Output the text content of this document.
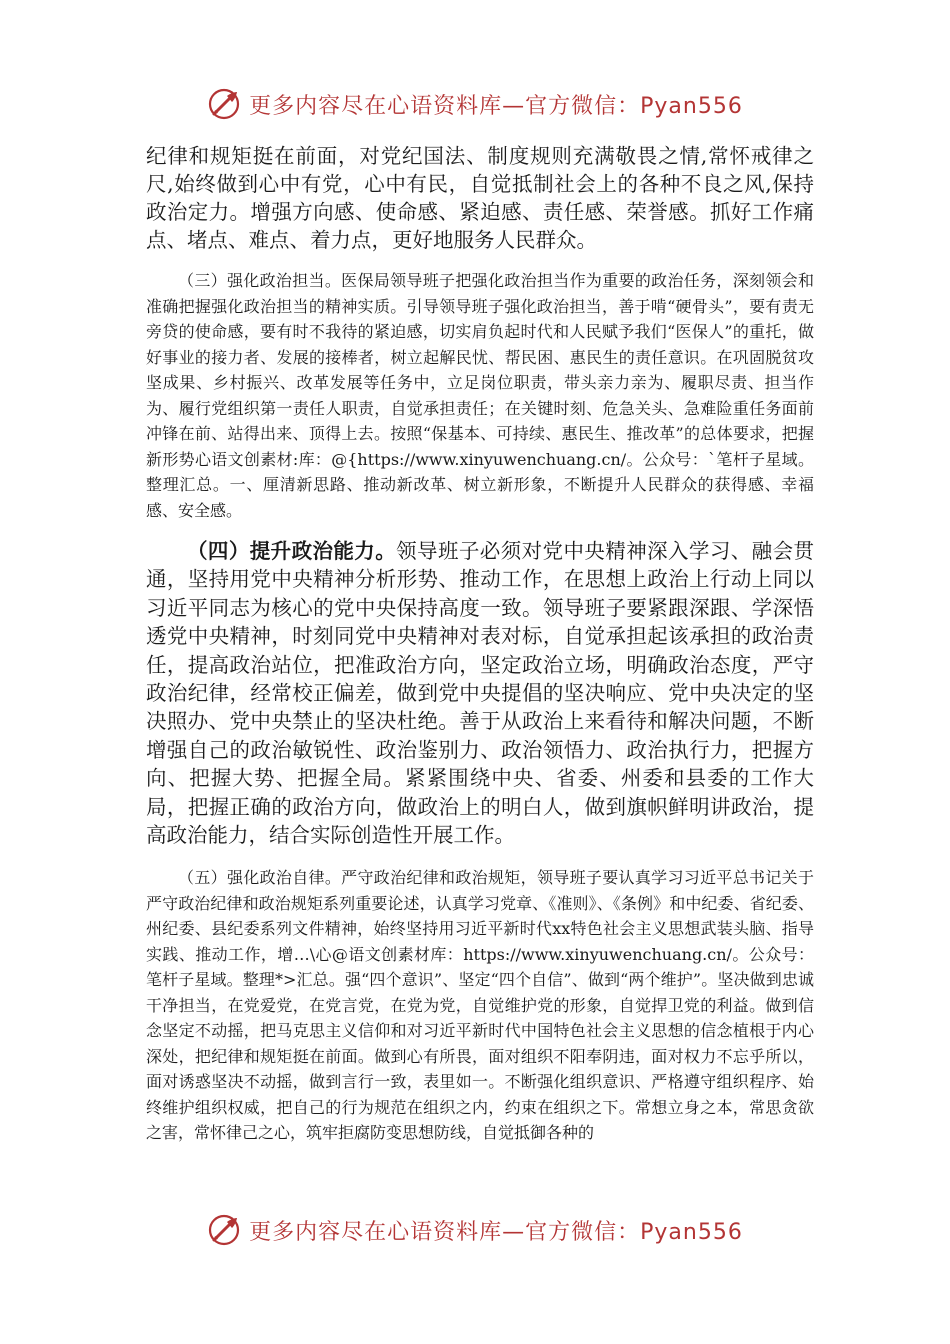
更多内容尽在心语资料库—官方微信：Pyan556

纪律和规矩挺在前面，对党纪国法、制度规则充满敬畏之情,常怀戒律之尺,始终做到心中有党，心中有民，自觉抵制社会上的各种不良之风,保持政治定力。增强方向感、使命感、紧迫感、责任感、荣誉感。抓好工作痛点、堵点、难点、着力点，更好地服务人民群众。

（三）强化政治担当。医保局领导班子把强化政治担当作为重要的政治任务，深刻领会和准确把握强化政治担当的精神实质。引导领导班子强化政治担当，善于啃“硬骨头”，要有责无旁贷的使命感，要有时不我待的紧迫感，切实肩负起时代和人民赋予我们“医保人”的重托，做好事业的接力者、发展的接棒者，树立起解民忧、帮民困、惠民生的责任意识。在巩固脱贫攻坚成果、乡村振兴、改革发展等任务中，立足岗位职责，带头亲力亲为、履职尽责、担当作为、履行党组织第一责任人职责，自觉承担责任；在关键时刻、危急关头、急难险重任务面前冲锋在前、站得出来、顶得上去。按照“保基本、可持续、惠民生、推改革”的总体要求，把握新形势心语文创素材:库：@{https://www.xinyuwenchuang.cn/。公众号：`笔杆子星域。整理汇总。一、厘清新思路、推动新改革、树立新形象，不断提升人民群众的获得感、幸福感、安全感。

（四）提升政治能力。领导班子必须对党中央精神深入学习、融会贯通，坚持用党中央精神分析形势、推动工作，在思想上政治上行动上同以习近平同志为核心的党中央保持高度一致。领导班子要紧跟深跟、学深悟透党中央精神，时刻同党中央精神对表对标，自觉承担起该承担的政治责任，提高政治站位，把准政治方向，坚定政治立场，明确政治态度，严守政治纪律，经常校正偏差，做到党中央提倡的坚决响应、党中央决定的坚决照办、党中央禁止的坚决杜绝。善于从政治上来看待和解决问题，不断增强自己的政治敏锐性、政治鉴别力、政治领悟力、政治执行力，把握方向、把握大势、把握全局。紧紧围绕中央、省委、州委和县委的工作大局，把握正确的政治方向，做政治上的明白人，做到旗帜鲜明讲政治，提高政治能力，结合实际创造性开展工作。

（五）强化政治自律。严守政治纪律和政治规矩，领导班子要认真学习习近平总书记关于严守政治纪律和政治规矩系列重要论述，认真学习党章、《准则》、《条例》和中纪委、省纪委、州纪委、县纪委系列文件精神，始终坚持用习近平新时代xx特色社会主义思想武装头脑、指导实践、推动工作，增…\心@语文创素材库：https://www.xinyuwenchuang.cn/。公众号：笔杆子星域。整理*>汇总。强“四个意识”、坚定“四个自信”、做到“两个维护”。坚决做到忠诚干净担当，在党爱党，在党言党，在党为党，自觉维护党的形象，自觉捍卫党的利益。做到信念坚定不动摇，把马克思主义信仰和对习近平新时代中国特色社会主义思想的信念植根于内心深处，把纪律和规矩挺在前面。做到心有所畏，面对组织不阳奉阴违，面对权力不忘乎所以，面对诱惑坚决不动摇，做到言行一致，表里如一。不断强化组织意识、严格遵守组织程序、始终维护组织权威，把自己的行为规范在组织之内，约束在组织之下。常想立身之本，常思贪欲之害，常怀律己之心，筑牢拒腐防变思想防线，自觉抵御各种的

更多内容尽在心语资料库—官方微信：Pyan556
